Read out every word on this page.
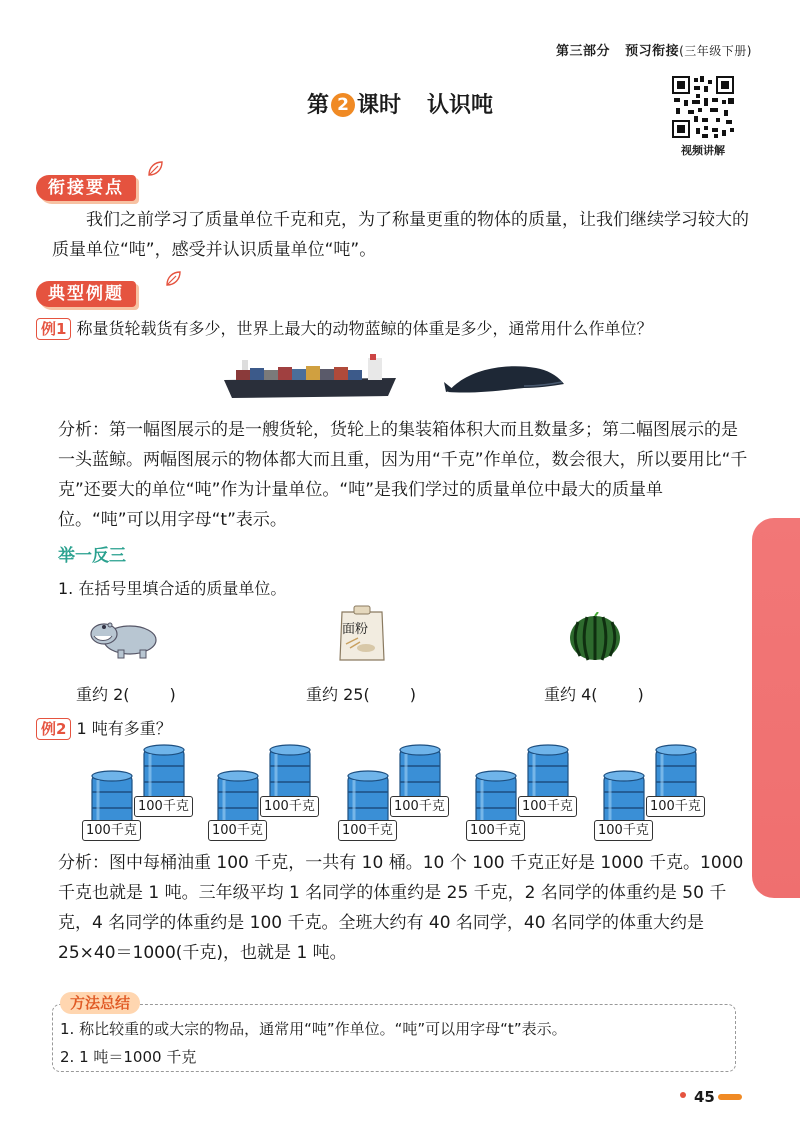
第三部分 预习衔接(三年级下册)
第 2 课时 认识吨
视频讲解
衔接要点
我们之前学习了质量单位千克和克，为了称量更重的物体的质量，让我们继续学习较大的质量单位“吨”，感受并认识质量单位“吨”。
典型例题
例1 称量货轮载货有多少，世界上最大的动物蓝鲸的体重是多少，通常用什么作单位？
分析：第一幅图展示的是一艘货轮，货轮上的集装箱体积大而且数量多；第二幅图展示的是一头蓝鲸。两幅图展示的物体都大而且重，因为用“千克”作单位，数会很大，所以要用比“千克”还要大的单位“吨”作为计量单位。“吨”是我们学过的质量单位中最大的质量单位。“吨”可以用字母“t”表示。
举一反三
1. 在括号里填合适的质量单位。
面粉
重约 2(	)	重约 25(	)	重约 4(	)
例2 1 吨有多重？
100千克
100千克
100千克
100千克
100千克
100千克
100千克
100千克
100千克
100千克
分析：图中每桶油重 100 千克，一共有 10 桶。10 个 100 千克正好是 1000 千克。1000 千克也就是 1 吨。三年级平均 1 名同学的体重约是 25 千克，2 名同学的体重约是 50 千克，4 名同学的体重约是 100 千克。全班大约有 40 名同学，40 名同学的体重大约是 25×40＝1000(千克)，也就是 1 吨。
方法总结
1. 称比较重的或大宗的物品，通常用“吨”作单位。“吨”可以用字母“t”表示。
2. 1 吨＝1000 千克
45
